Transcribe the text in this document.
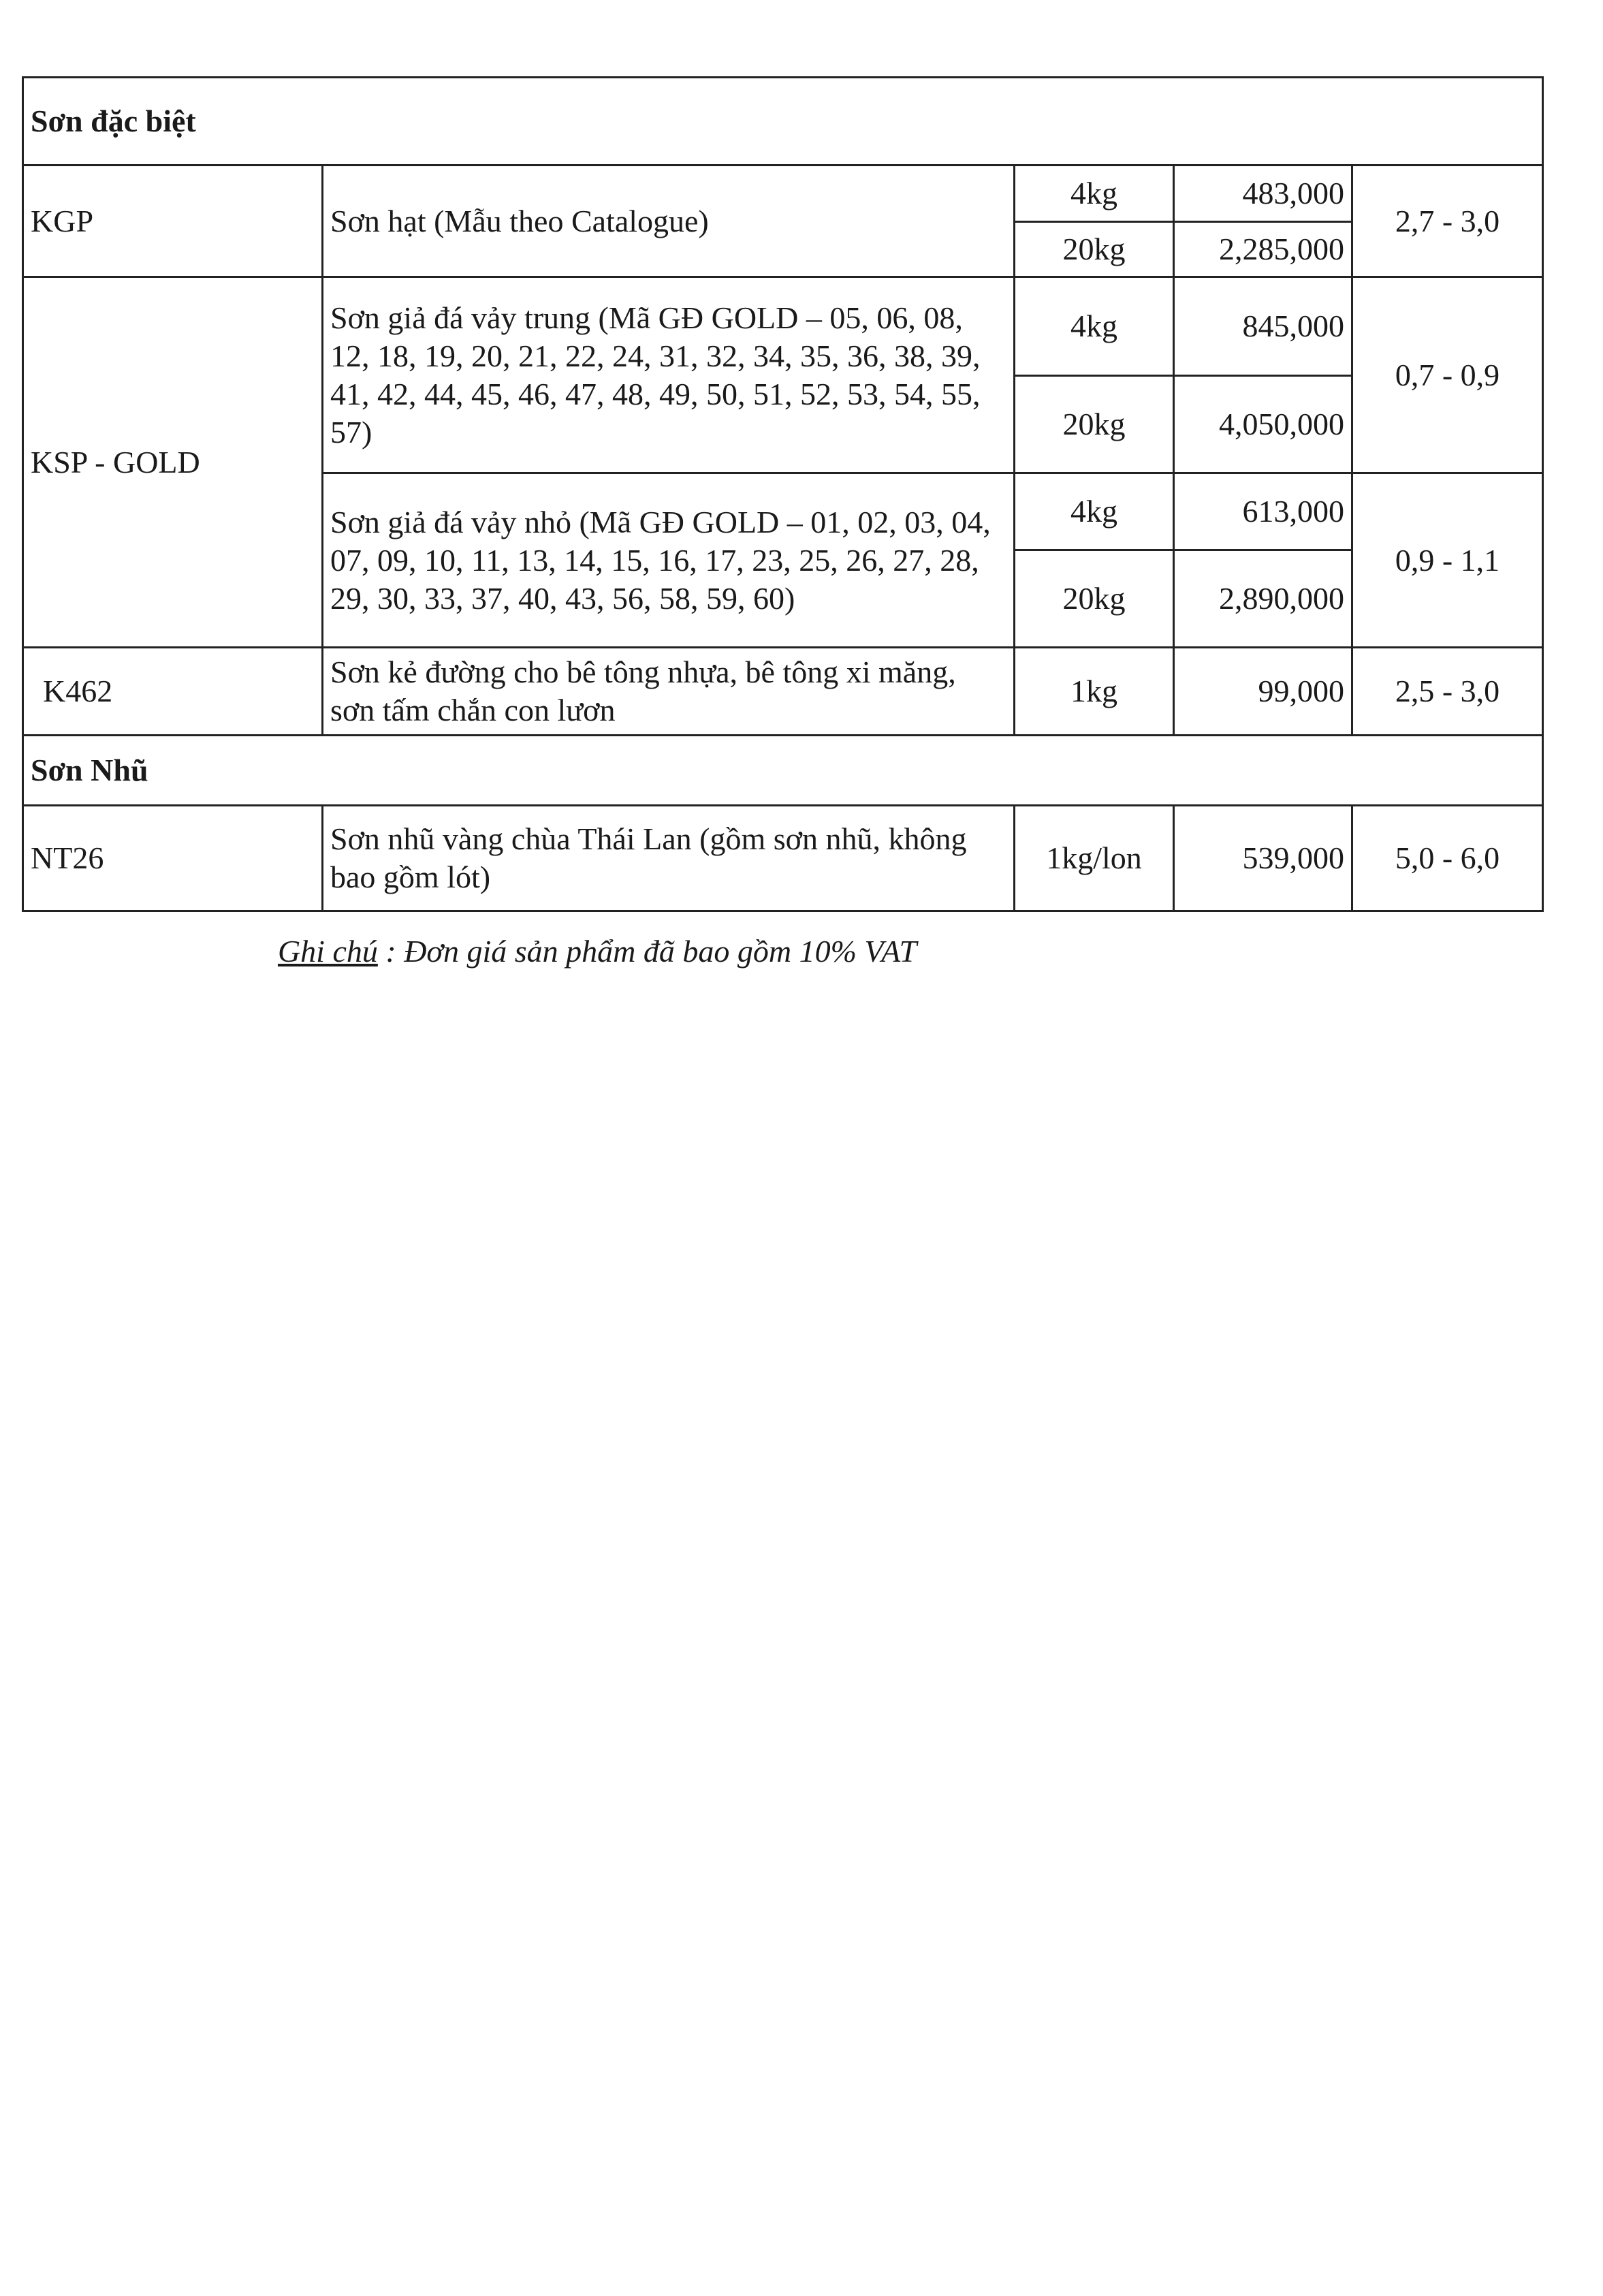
Sơn đặc biệt				
KGP	Sơn hạt (Mẫu theo Catalogue)	4kg	483,000	2,7 - 3,0
		20kg	2,285,000	
KSP - GOLD	Sơn giả đá vảy trung (Mã GĐ GOLD – 05, 06, 08, 12, 18, 19, 20, 21, 22, 24, 31, 32, 34, 35, 36, 38, 39, 41, 42, 44, 45, 46, 47, 48, 49, 50, 51, 52, 53, 54, 55, 57)	4kg	845,000	0,7 - 0,9
		20kg	4,050,000	
	Sơn giả đá vảy nhỏ (Mã GĐ GOLD – 01, 02, 03, 04, 07, 09, 10, 11, 13, 14, 15, 16, 17, 23, 25, 26, 27, 28, 29, 30, 33, 37, 40, 43, 56, 58, 59, 60)	4kg	613,000	0,9 - 1,1
		20kg	2,890,000	
K462	Sơn kẻ đường cho bê tông nhựa, bê tông xi măng, sơn tấm chắn con lươn	1kg	99,000	2,5 - 3,0
Sơn Nhũ				
NT26	Sơn nhũ vàng chùa Thái Lan (gồm sơn nhũ, không bao gồm lót)	1kg/lon	539,000	5,0 - 6,0
Ghi chú : Đơn giá sản phẩm đã bao gồm 10% VAT
